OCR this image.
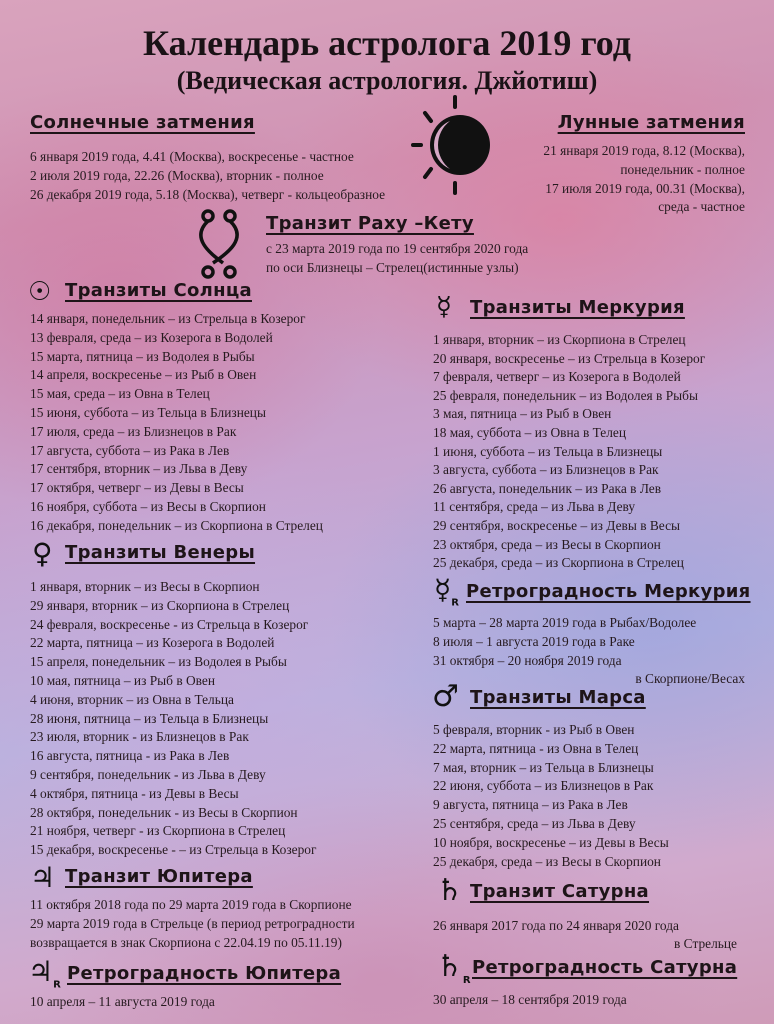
Календарь астролога 2019 год
(Ведическая астрология. Джйотиш)
Солнечные затмения
6 января 2019 года, 4.41 (Москва), воскресенье - частное
2 июля 2019 года, 22.26 (Москва), вторник - полное
26 декабря 2019 года, 5.18 (Москва), четверг - кольцеобразное
Лунные затмения
21 января 2019 года, 8.12 (Москва),
понедельник - полное
17 июля 2019 года, 00.31 (Москва),
среда - частное
Транзит Раху –Кету
с 23 марта 2019 года по 19 сентября 2020 года
по оси Близнецы – Стрелец(истинные узлы)
☉ Транзиты Солнца
14 января, понедельник – из Стрельца в Козерог
13 февраля, среда – из Козерога в Водолей
15 марта, пятница – из Водолея в Рыбы
14 апреля, воскресенье – из Рыб в Овен
15 мая, среда – из Овна в Телец
15 июня, суббота – из Тельца в Близнецы
17 июля, среда – из Близнецов в Рак
17 августа, суббота – из Рака в Лев
17 сентября, вторник – из Льва в Деву
17 октября, четверг – из Девы в Весы
16 ноября, суббота – из Весы в Скорпион
16 декабря, понедельник – из Скорпиона в Стрелец
♀ Транзиты Венеры
1 января, вторник – из Весы в Скорпион
29 января, вторник – из Скорпиона в Стрелец
24 февраля, воскресенье - из Стрельца в Козерог
22 марта, пятница – из Козерога в Водолей
15 апреля, понедельник – из Водолея в Рыбы
10 мая, пятница – из Рыб в Овен
4 июня, вторник – из Овна в Тельца
28 июня, пятница – из Тельца в Близнецы
23 июля, вторник - из Близнецов в Рак
16 августа, пятница - из Рака в Лев
9 сентября, понедельник - из Льва в Деву
4 октября, пятница - из Девы в Весы
28 октября, понедельник - из Весы в Скорпион
21 ноября, четверг - из Скорпиона в Стрелец
15 декабря, воскресенье - – из Стрельца в Козерог
♃ Транзит Юпитера
11 октября 2018 года по 29 марта 2019 года в Скорпионе
29 марта 2019 года в Стрельце (в период ретроградности
возвращается в знак Скорпиона с 22.04.19 по 05.11.19)
$♃_R$
Ретроградность Юпитера
10 апреля – 11 августа 2019 года
☿ Транзиты Меркурия
1 января, вторник – из Скорпиона в Стрелец
20 января, воскресенье – из Стрельца в Козерог
7 февраля, четверг – из Козерога в Водолей
25 февраля, понедельник – из Водолея в Рыбы
3 мая, пятница – из Рыб в Овен
18 мая, суббота – из Овна в Телец
1 июня, суббота – из Тельца в Близнецы
3 августа, суббота – из Близнецов в Рак
26 августа, понедельник – из Рака в Лев
11 сентября, среда – из Льва в Деву
29 сентября, воскресенье – из Девы в Весы
23 октября, среда – из Весы в Скорпион
25 декабря, среда – из Скорпиона в Стрелец
$☿_R$
Ретроградность Меркурия
5 марта – 28 марта 2019 года в Рыбах/Водолее
8 июля – 1 августа 2019 года в Раке
31 октября – 20 ноября 2019 года
в Скорпионе/Весах
♂ Транзиты Марса
5 февраля, вторник - из Рыб в Овен
22 марта, пятница - из Овна в Телец
7 мая, вторник – из Тельца в Близнецы
22 июня, суббота – из Близнецов в Рак
9 августа, пятница – из Рака в Лев
25 сентября, среда – из Льва в Деву
10 ноября, воскресенье – из Девы в Весы
25 декабря, среда – из Весы в Скорпион
♄ Транзит Сатурна
26 января 2017 года по 24 января 2020 года
в Стрельце
$♄_R$
Ретроградность Сатурна
30 апреля – 18 сентября 2019 года
